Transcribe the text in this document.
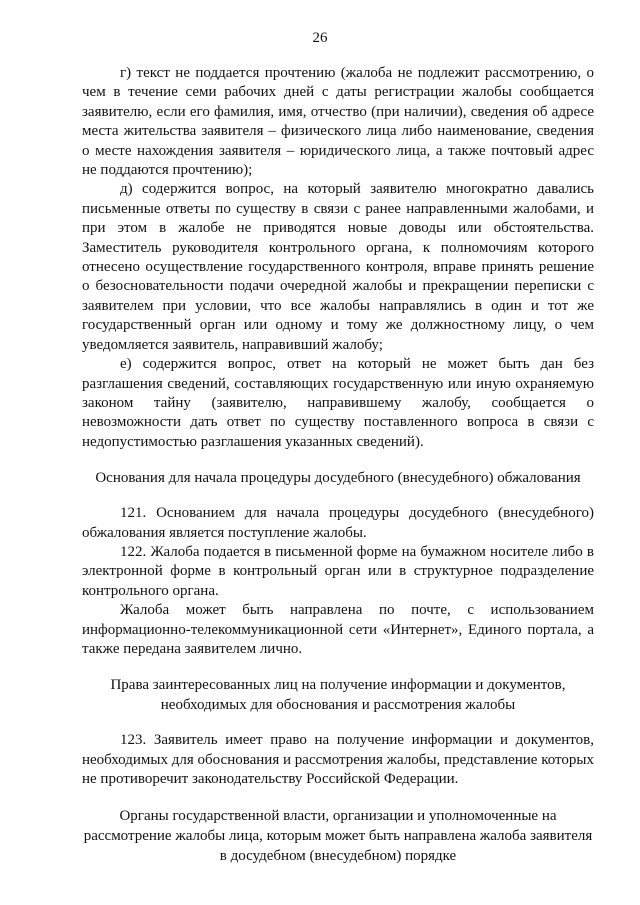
26

г) текст не поддается прочтению (жалоба не подлежит рассмотрению, о чем в течение семи рабочих дней с даты регистрации жалобы сообщается заявителю, если его фамилия, имя, отчество (при наличии), сведения об адресе места жительства заявителя – физического лица либо наименование, сведения о месте нахождения заявителя – юридического лица, а также почтовый адрес не поддаются прочтению);

д) содержится вопрос, на который заявителю многократно давались письменные ответы по существу в связи с ранее направленными жалобами, и при этом в жалобе не приводятся новые доводы или обстоятельства. Заместитель руководителя контрольного органа, к полномочиям которого отнесено осуществление государственного контроля, вправе принять решение о безосновательности подачи очередной жалобы и прекращении переписки с заявителем при условии, что все жалобы направлялись в один и тот же государственный орган или одному и тому же должностному лицу, о чем уведомляется заявитель, направивший жалобу;

е) содержится вопрос, ответ на который не может быть дан без разглашения сведений, составляющих государственную или иную охраняемую законом тайну (заявителю, направившему жалобу, сообщается о невозможности дать ответ по существу поставленного вопроса в связи с недопустимостью разглашения указанных сведений).

Основания для начала процедуры досудебного (внесудебного) обжалования

121. Основанием для начала процедуры досудебного (внесудебного) обжалования является поступление жалобы.

122. Жалоба подается в письменной форме на бумажном носителе либо в электронной форме в контрольный орган или в структурное подразделение контрольного органа.

Жалоба может быть направлена по почте, с использованием информационно-телекоммуникационной сети «Интернет», Единого портала, а также передана заявителем лично.

Права заинтересованных лиц на получение информации и документов,
необходимых для обоснования и рассмотрения жалобы

123. Заявитель имеет право на получение информации и документов, необходимых для обоснования и рассмотрения жалобы, представление которых не противоречит законодательству Российской Федерации.

Органы государственной власти, организации и уполномоченные на
рассмотрение жалобы лица, которым может быть направлена жалоба заявителя
в досудебном (внесудебном) порядке
